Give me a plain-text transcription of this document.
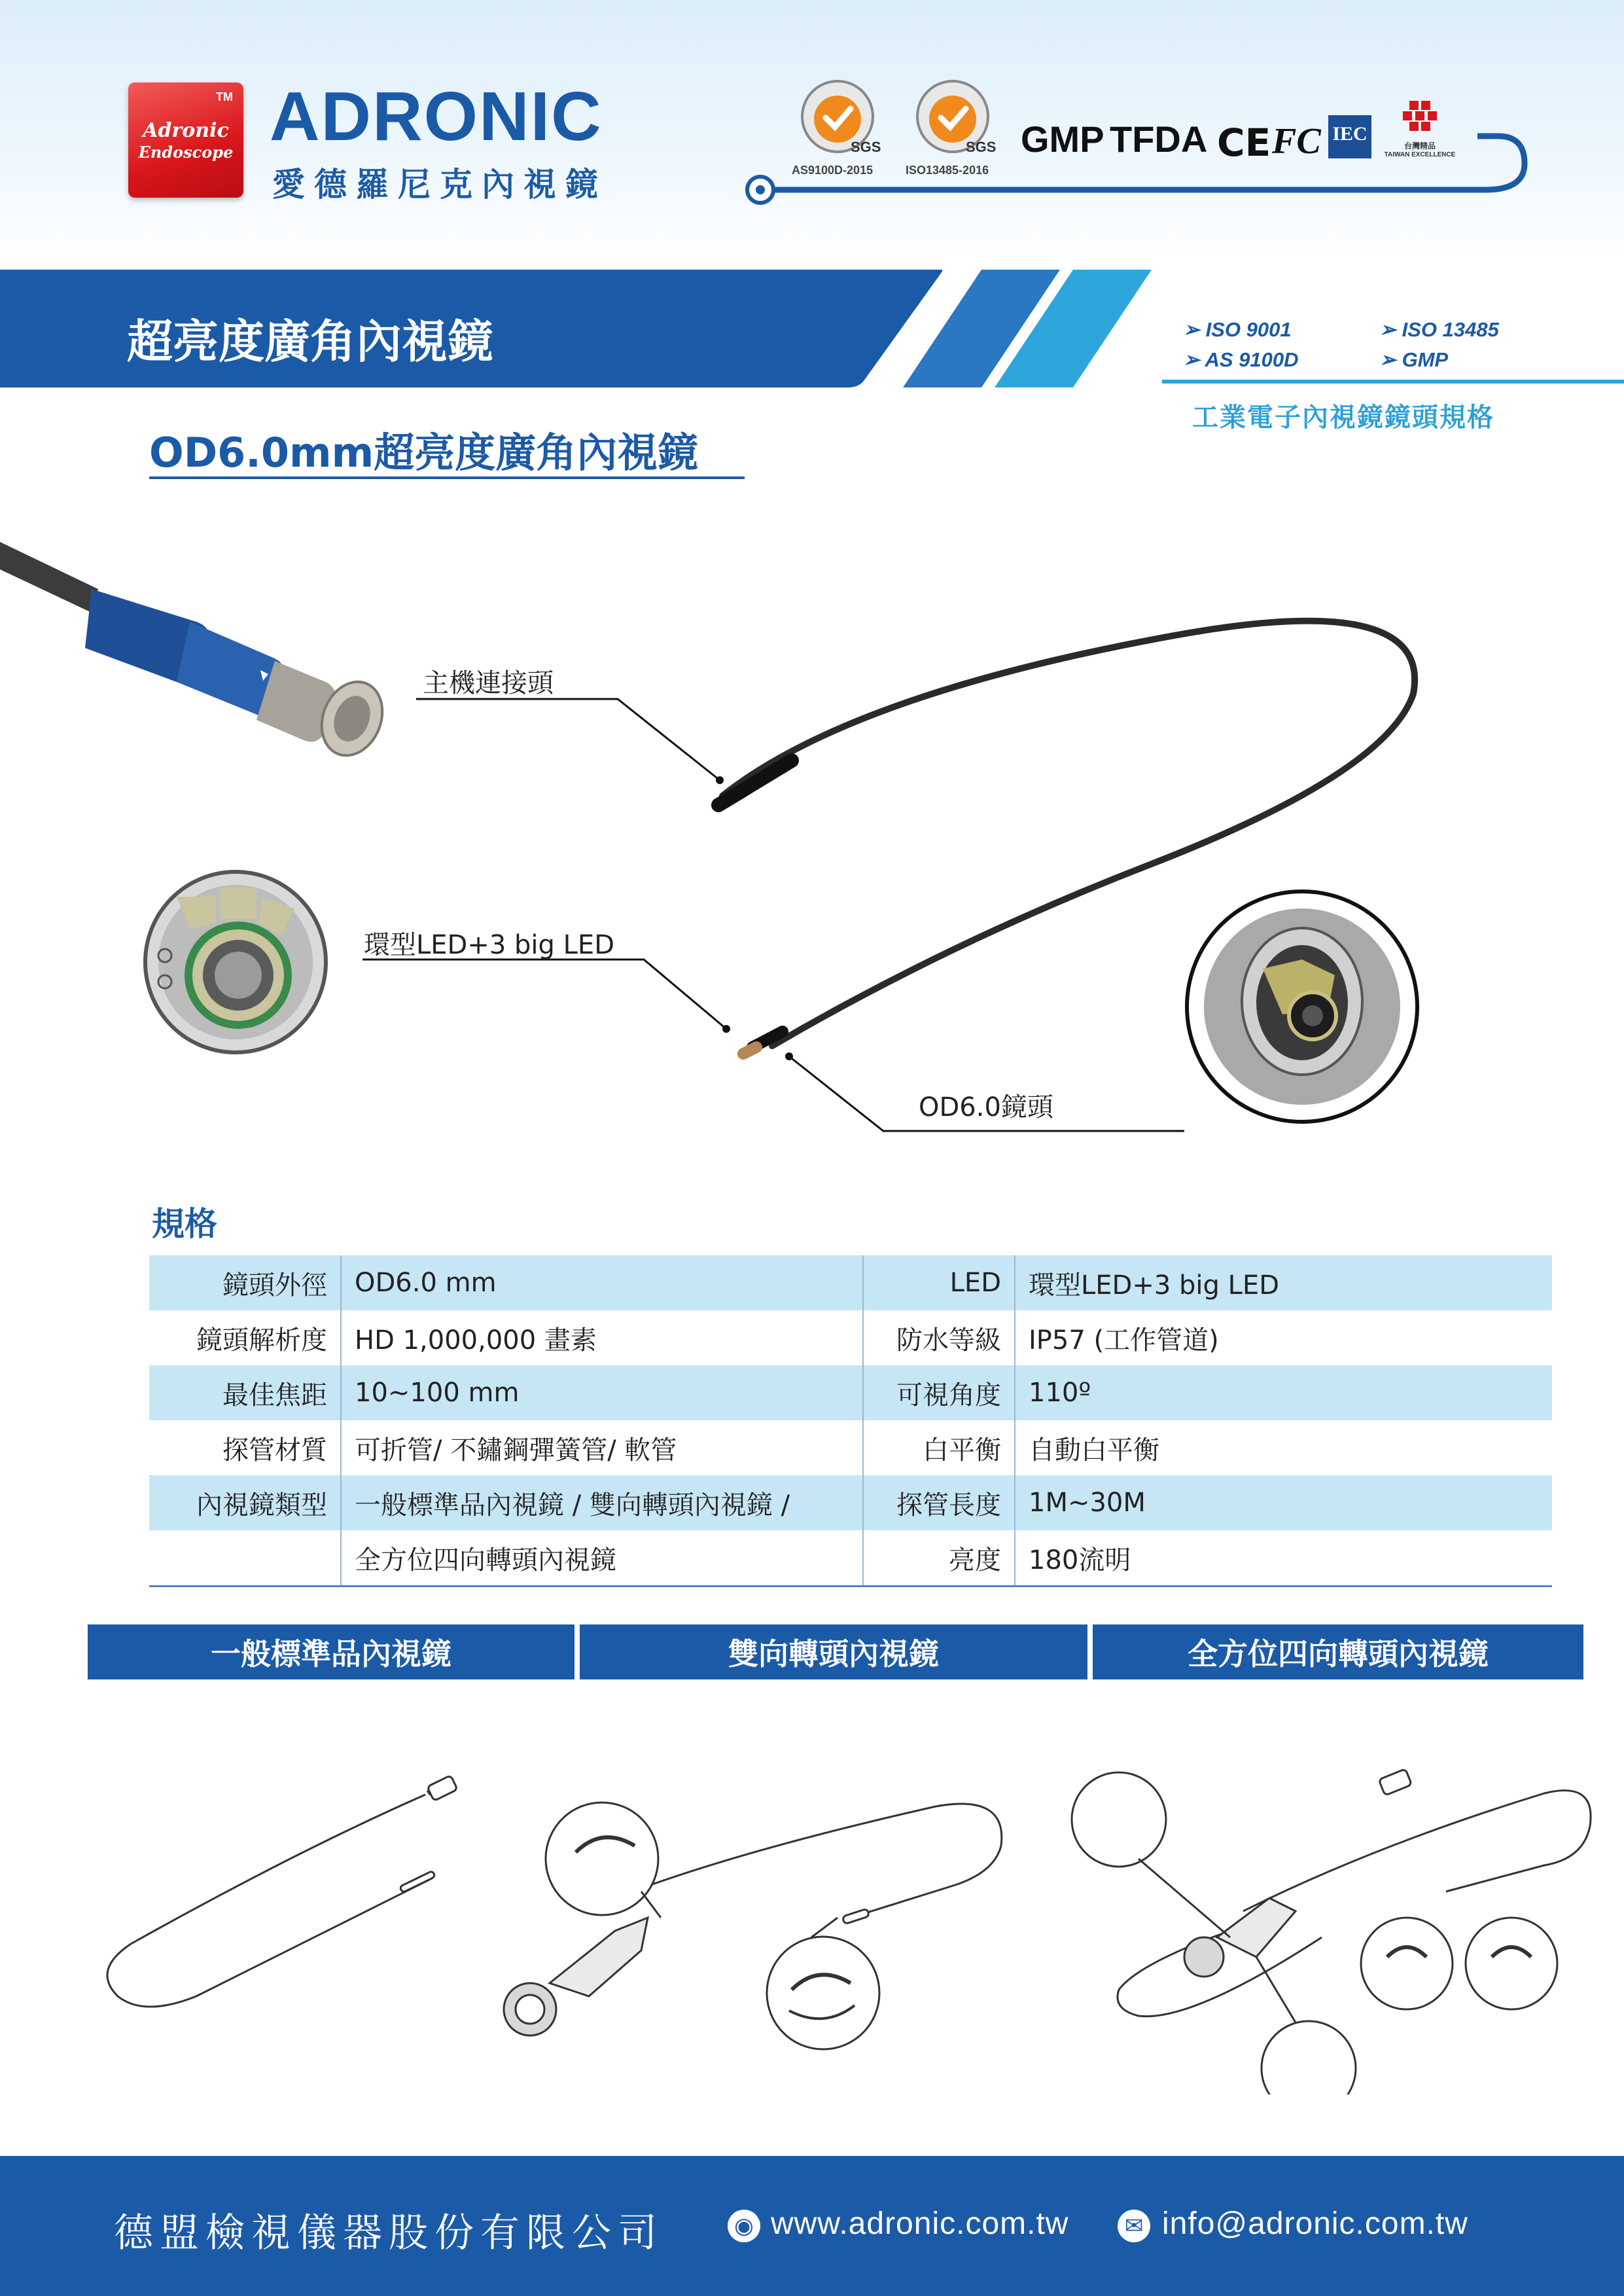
Adronic
Endoscope
TM ADRONIC
愛德羅尼克內視鏡
SGS
AS9100D-2015
SGS
ISO13485-2016
GMP TFDA CE FC IEC
台灣精品
TAIWAN EXCELLENCE
超亮度廣角內視鏡	➢ ISO 9001	➢ ISO 13485
➢ AS 9100D	➢ GMP
工業電子內視鏡鏡頭規格
OD6.0mm超亮度廣角內視鏡
主機連接頭
環型LED+3 big LED
OD6.0鏡頭
規格
鏡頭外徑	OD6.0 mm	LED	環型LED+3 big LED
鏡頭解析度	HD 1,000,000 畫素	防水等級	IP57 (工作管道)
最佳焦距	10~100 mm	可視角度	110º
探管材質	可折管/ 不鏽鋼彈簧管/ 軟管	白平衡	自動白平衡
內視鏡類型	一般標準品內視鏡 / 雙向轉頭內視鏡 /	探管長度	1M~30M
	全方位四向轉頭內視鏡	亮度	180流明
一般標準品內視鏡	雙向轉頭內視鏡	全方位四向轉頭內視鏡
德盟檢視儀器股份有限公司	◉ www.adronic.com.tw	✉ info@adronic.com.tw
